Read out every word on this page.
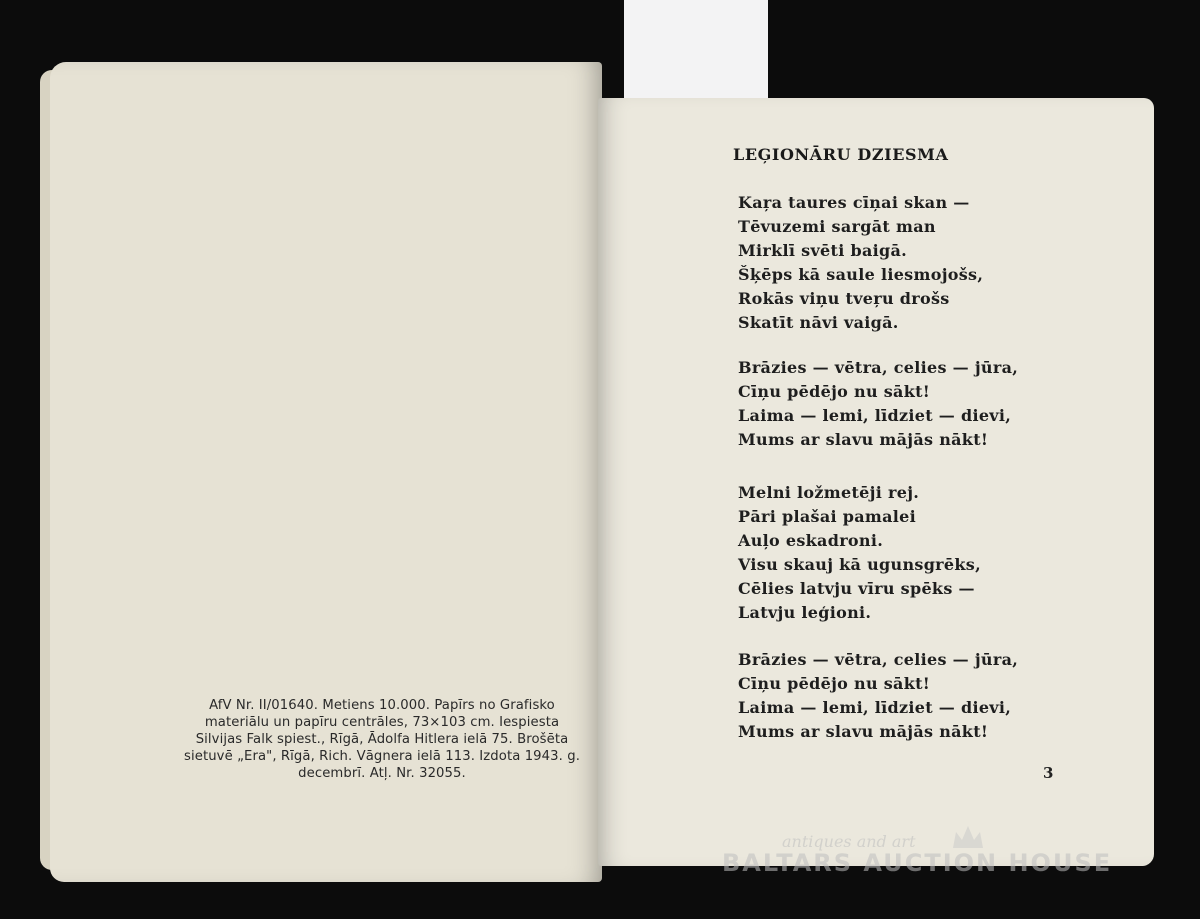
AfV Nr. II/01640. Metiens 10.000. Papīrs no Grafisko
materiālu un papīru centrāles, 73×103 cm. Iespiesta
Silvijas Falk spiest., Rīgā, Ādolfa Hitlera ielā 75. Brošēta
sietuvē „Era", Rīgā, Rich. Vāgnera ielā 113. Izdota 1943. g.
decembrī. Atļ. Nr. 32055.
LEĢIONĀRU DZIESMA
Kaŗa taures cīņai skan —
Tēvuzemi sargāt man
Mirklī svēti baigā.
Šķēps kā saule liesmojošs,
Rokās viņu tveŗu drošs
Skatīt nāvi vaigā.
Brāzies — vētra, celies — jūra,
Cīņu pēdējo nu sākt!
Laima — lemi, līdziet — dievi,
Mums ar slavu mājās nākt!
Melni ložmetēji rej.
Pāri plašai pamalei
Auļo eskadroni.
Visu skauj kā ugunsgrēks,
Cēlies latvju vīru spēks —
Latvju leģioni.
Brāzies — vētra, celies — jūra,
Cīņu pēdējo nu sākt!
Laima — lemi, līdziet — dievi,
Mums ar slavu mājās nākt!
3
antiques and art
BALTARS AUCTION HOUSE
